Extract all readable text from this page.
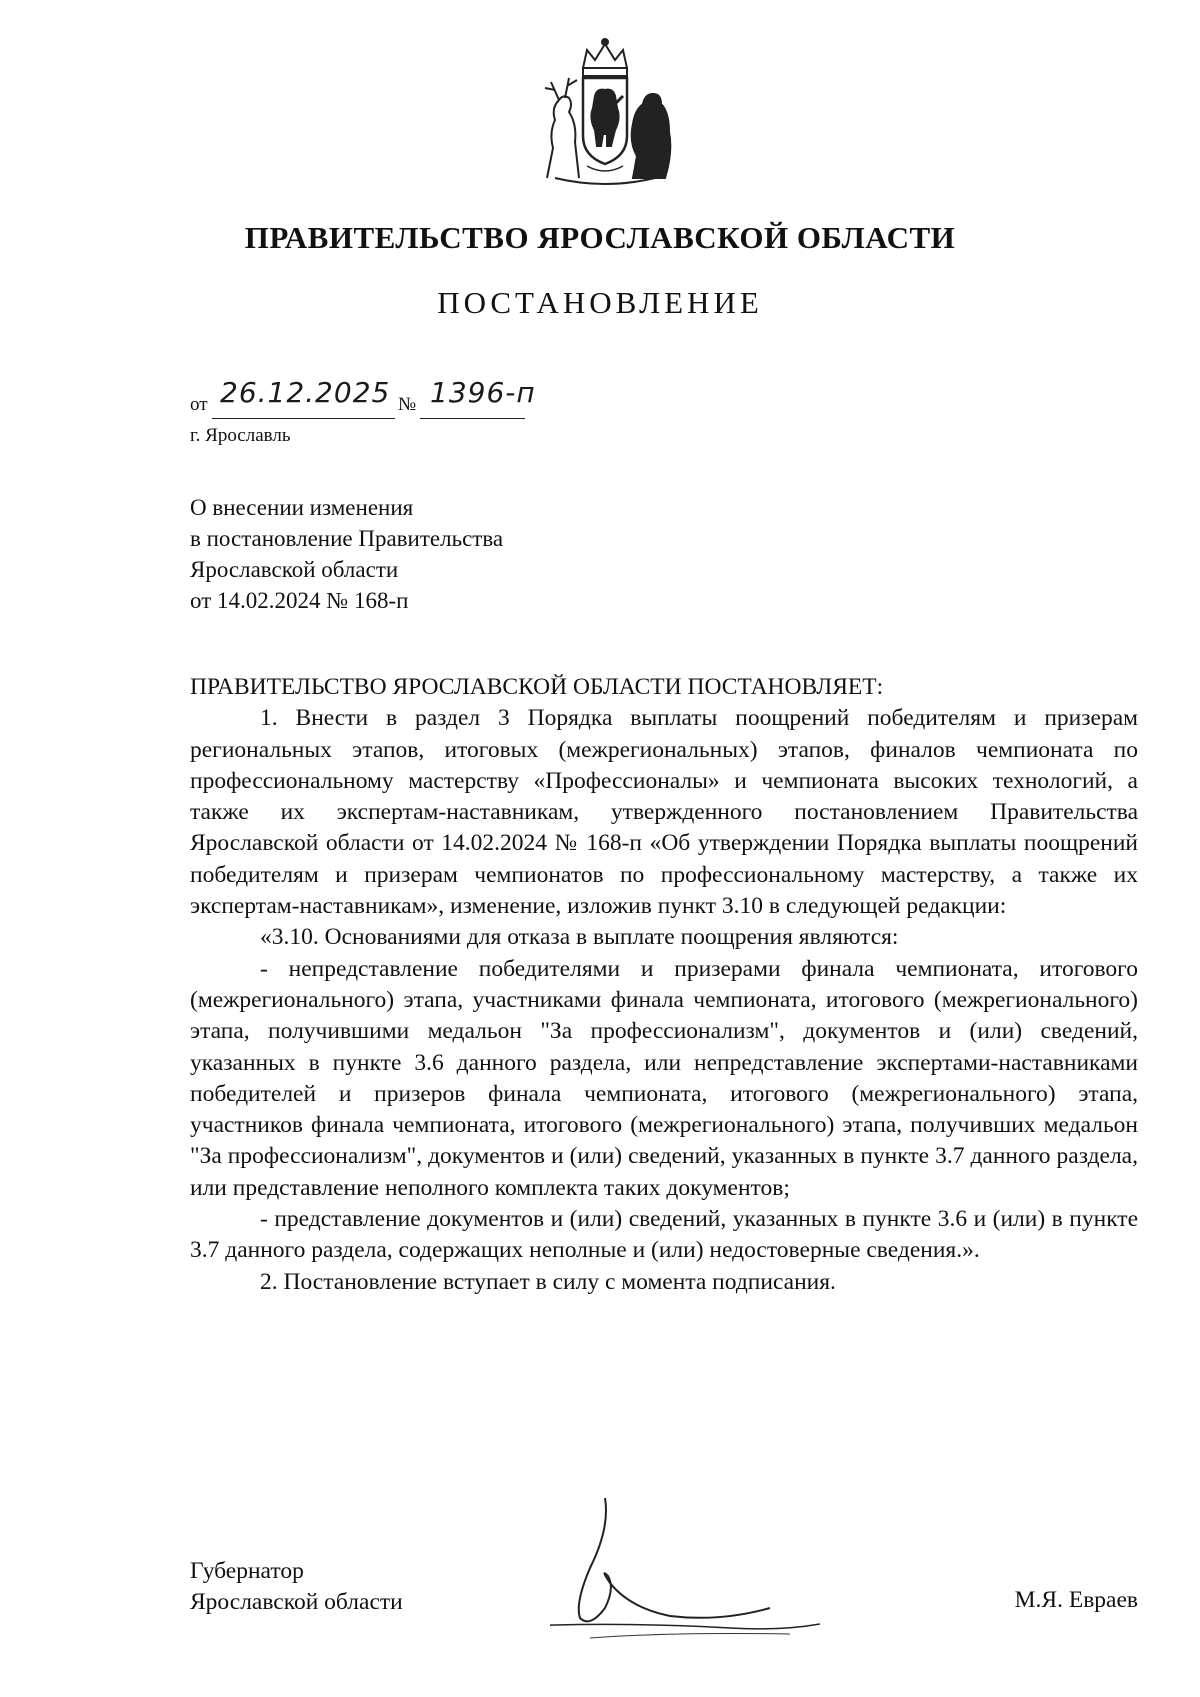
ПРАВИТЕЛЬСТВО ЯРОСЛАВСКОЙ ОБЛАСТИ
ПОСТАНОВЛЕНИЕ
от 26.12.2025 № 1396-п
г. Ярославль
О внесении изменения
в постановление Правительства
Ярославской области
от 14.02.2024 № 168-п

ПРАВИТЕЛЬСТВО ЯРОСЛАВСКОЙ ОБЛАСТИ ПОСТАНОВЛЯЕТ:

1. Внести в раздел 3 Порядка выплаты поощрений победителям и призерам региональных этапов, итоговых (межрегиональных) этапов, финалов чемпионата по профессиональному мастерству «Профессионалы» и чемпионата высоких технологий, а также их экспертам-наставникам, утвержденного постановлением Правительства Ярославской области от 14.02.2024 № 168-п «Об утверждении Порядка выплаты поощрений победителям и призерам чемпионатов по профессиональному мастерству, а также их экспертам-наставникам», изменение, изложив пункт 3.10 в следующей редакции:

«3.10. Основаниями для отказа в выплате поощрения являются:

- непредставление победителями и призерами финала чемпионата, итогового (межрегионального) этапа, участниками финала чемпионата, итогового (межрегионального) этапа, получившими медальон "За профессионализм", документов и (или) сведений, указанных в пункте 3.6 данного раздела, или непредставление экспертами-наставниками победителей и призеров финала чемпионата, итогового (межрегионального) этапа, участников финала чемпионата, итогового (межрегионального) этапа, получивших медальон "За профессионализм", документов и (или) сведений, указанных в пункте 3.7 данного раздела, или представление неполного комплекта таких документов;

- представление документов и (или) сведений, указанных в пункте 3.6 и (или) в пункте 3.7 данного раздела, содержащих неполные и (или) недостоверные сведения.».

2. Постановление вступает в силу с момента подписания.

Губернатор
Ярославской области	М.Я. Евраев
